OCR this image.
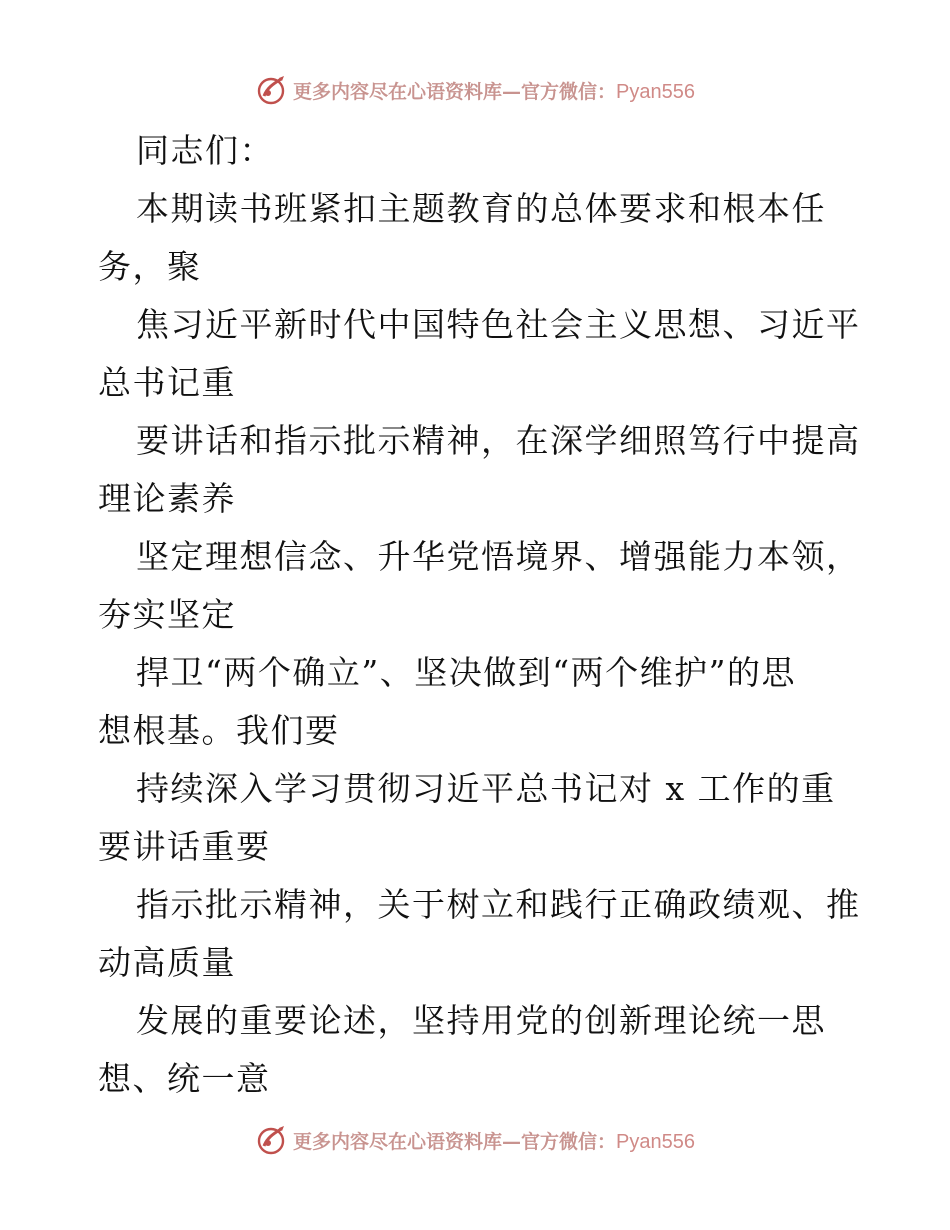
更多内容尽在心语资料库—官方微信：Pyan556
同志们：
本期读书班紧扣主题教育的总体要求和根本任
务，聚
焦习近平新时代中国特色社会主义思想、习近平
总书记重
要讲话和指示批示精神，在深学细照笃行中提高
理论素养
坚定理想信念、升华党悟境界、增强能力本领，
夯实坚定
捍卫“两个确立”、坚决做到“两个维护”的思
想根基。我们要
持续深入学习贯彻习近平总书记对 x 工作的重
要讲话重要
指示批示精神，关于树立和践行正确政绩观、推
动高质量
发展的重要论述，坚持用党的创新理论统一思
想、统一意
更多内容尽在心语资料库—官方微信：Pyan556
